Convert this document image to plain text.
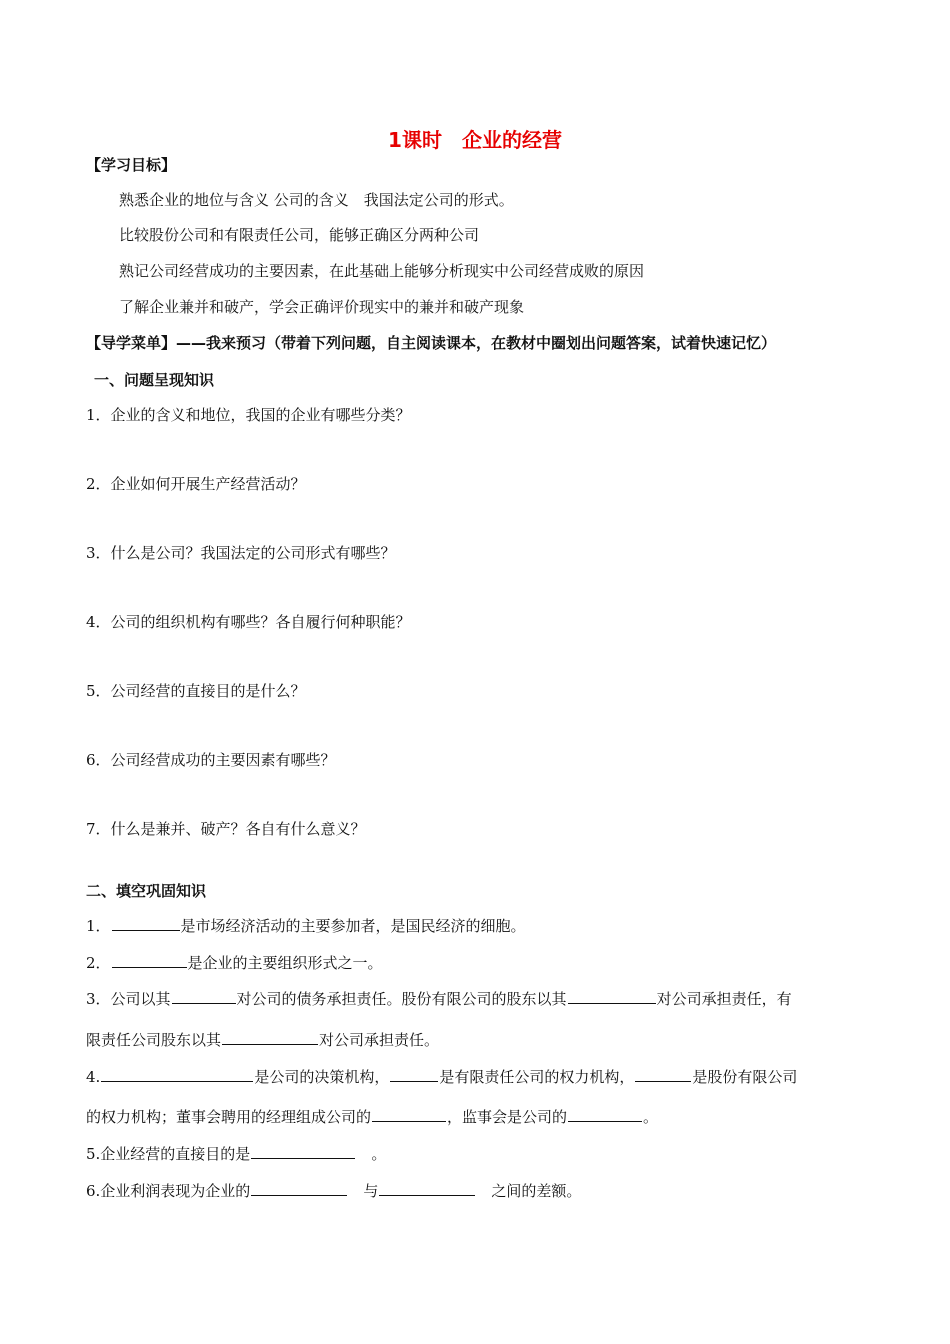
1课时　企业的经营
【学习目标】
熟悉企业的地位与含义 公司的含义　我国法定公司的形式。
比较股份公司和有限责任公司，能够正确区分两种公司
熟记公司经营成功的主要因素，在此基础上能够分析现实中公司经营成败的原因
了解企业兼并和破产，学会正确评价现实中的兼并和破产现象
【导学菜单】——我来预习（带着下列问题，自主阅读课本，在教材中圈划出问题答案，试着快速记忆）
一、问题呈现知识
1．企业的含义和地位，我国的企业有哪些分类？
2．企业如何开展生产经营活动？
3．什么是公司？我国法定的公司形式有哪些？
4．公司的组织机构有哪些？各自履行何种职能？
5．公司经营的直接目的是什么？
6．公司经营成功的主要因素有哪些？
7．什么是兼并、破产？各自有什么意义？
二、填空巩固知识
1．	是市场经济活动的主要参加者，是国民经济的细胞。
2．	是企业的主要组织形式之一。
3．公司以其	对公司的债务承担责任。股份有限公司的股东以其	对公司承担责任，有
限责任公司股东以其	对公司承担责任。
4.	是公司的决策机构，	是有限责任公司的权力机构，	是股份有限公司
的权力机构；董事会聘用的经理组成公司的	，监事会是公司的	。
5.企业经营的直接目的是	　。
6.企业利润表现为企业的	　与	　之间的差额。
